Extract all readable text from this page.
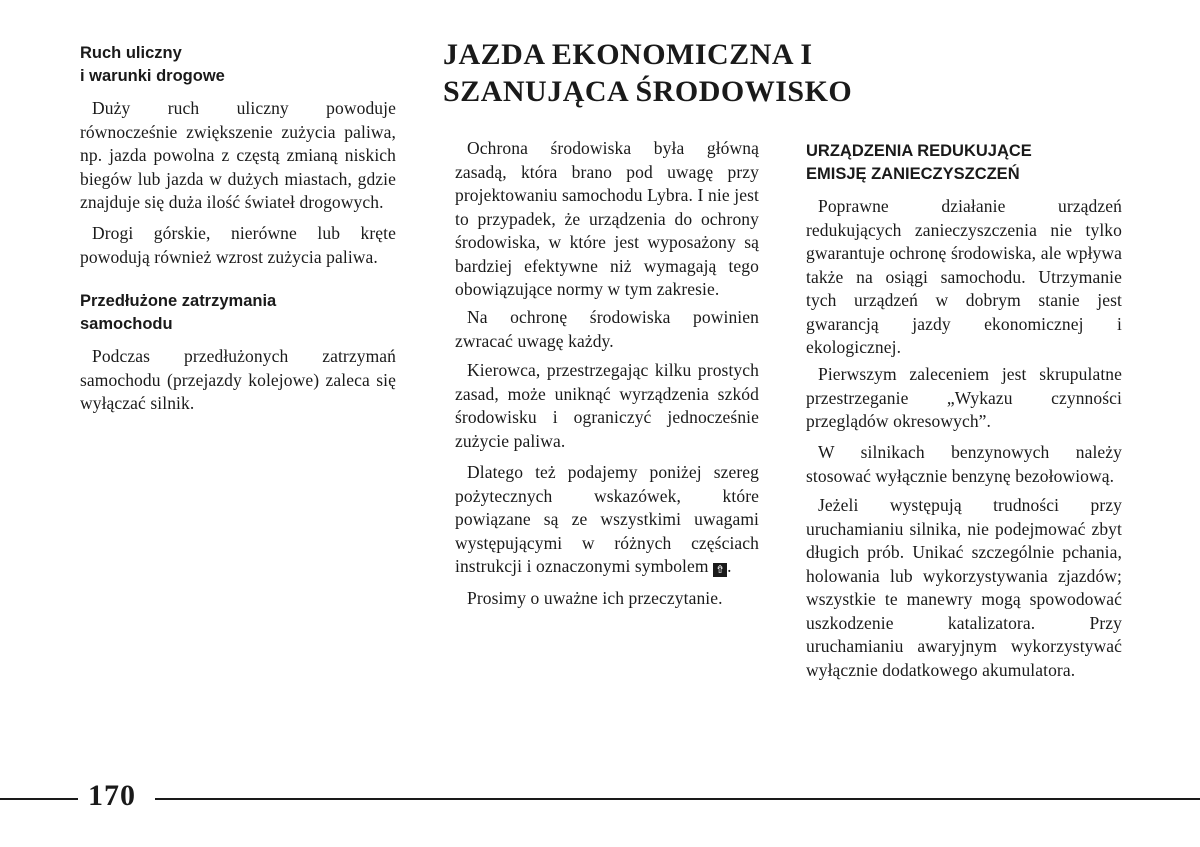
Ruch uliczny
i warunki drogowe

Duży ruch uliczny powoduje równocześnie zwiększenie zużycia paliwa, np. jazda powolna z częstą zmianą niskich biegów lub jazda w dużych miastach, gdzie znajduje się duża ilość świateł drogowych.

Drogi górskie, nierówne lub kręte powodują również wzrost zużycia paliwa.

Przedłużone zatrzymania
samochodu

Podczas przedłużonych zatrzymań samochodu (przejazdy kolejowe) zaleca się wyłączać silnik.

JAZDA EKONOMICZNA I
SZANUJĄCA ŚRODOWISKO

Ochrona środowiska była główną zasadą, która brano pod uwagę przy projektowaniu samochodu Lybra. I nie jest to przypadek, że urządzenia do ochrony środowiska, w które jest wyposażony są bardziej efektywne niż wymagają tego obowiązujące normy w tym zakresie.

Na ochronę środowiska powinien zwracać uwagę każdy.

Kierowca, przestrzegając kilku prostych zasad, może uniknąć wyrządzenia szkód środowisku i ograniczyć jednocześnie zużycie paliwa.

Dlatego też podajemy poniżej szereg pożytecznych wskazówek, które powiązane są ze wszystkimi uwagami występującymi w różnych częściach instrukcji i oznaczonymi symbolem ⇮ .

Prosimy o uważne ich przeczytanie.

URZĄDZENIA REDUKUJĄCE
EMISJĘ ZANIECZYSZCZEŃ

Poprawne działanie urządzeń redukujących zanieczyszczenia nie tylko gwarantuje ochronę środowiska, ale wpływa także na osiągi samochodu. Utrzymanie tych urządzeń w dobrym stanie jest gwarancją jazdy ekonomicznej i ekologicznej.

Pierwszym zaleceniem jest skrupulatne przestrzeganie „Wykazu czynności przeglądów okresowych”.

W silnikach benzynowych należy stosować wyłącznie benzynę bezołowiową.

Jeżeli występują trudności przy uruchamianiu silnika, nie podejmować zbyt długich prób. Unikać szczególnie pchania, holowania lub wykorzystywania zjazdów; wszystkie te manewry mogą spowodować uszkodzenie katalizatora. Przy uruchamianiu awaryjnym wykorzystywać wyłącznie dodatkowego akumulatora.

170
